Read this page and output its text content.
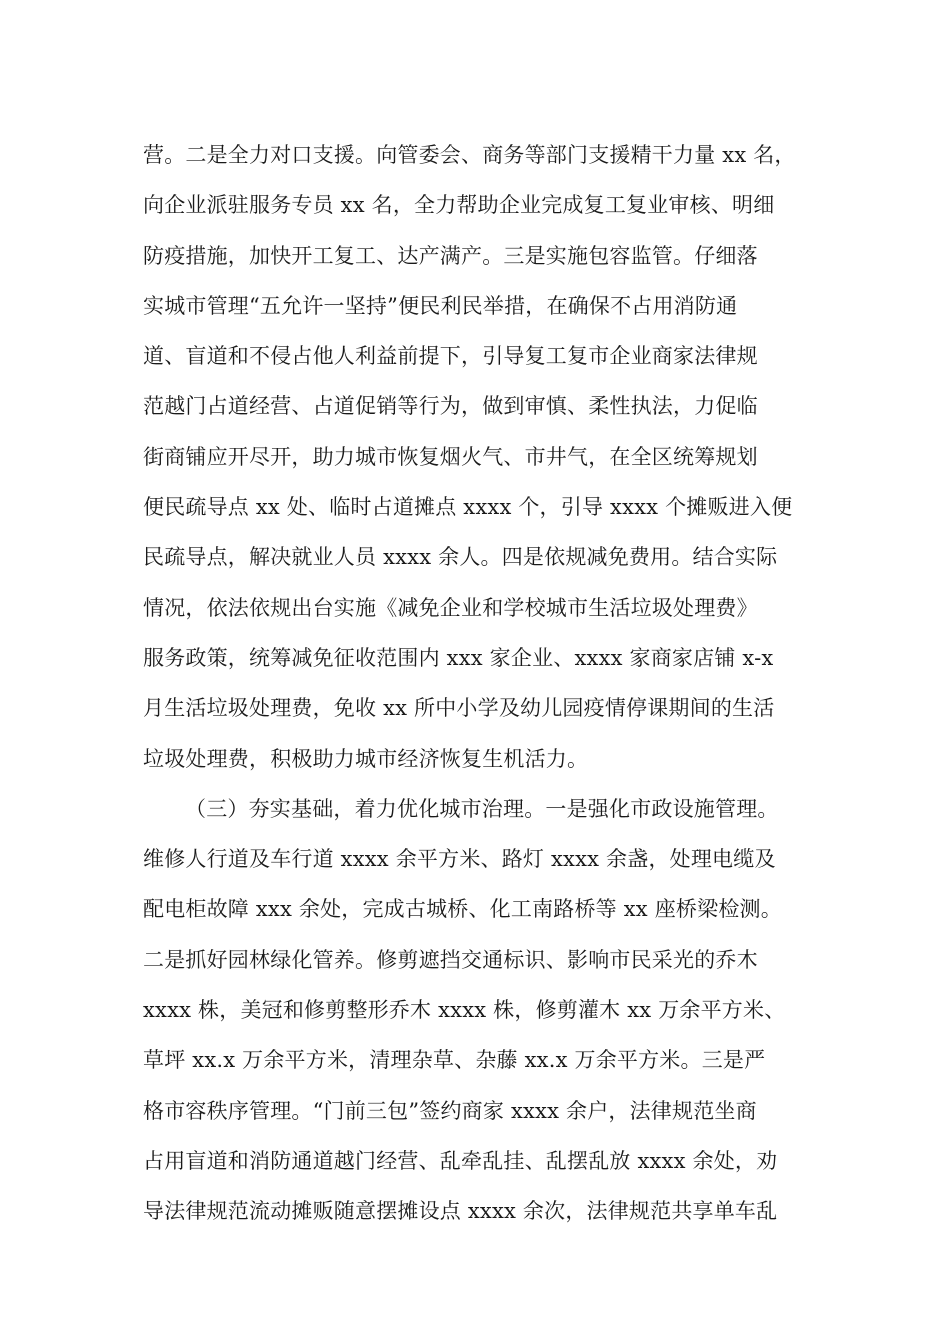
营。二是全力对口支援。向管委会、商务等部门支援精干力量 xx 名，
向企业派驻服务专员 xx 名，全力帮助企业完成复工复业审核、明细
防疫措施，加快开工复工、达产满产。三是实施包容监管。仔细落
实城市管理“五允许一坚持”便民利民举措，在确保不占用消防通
道、盲道和不侵占他人利益前提下，引导复工复市企业商家法律规
范越门占道经营、占道促销等行为，做到审慎、柔性执法，力促临
街商铺应开尽开，助力城市恢复烟火气、市井气，在全区统筹规划
便民疏导点 xx 处、临时占道摊点 xxxx 个，引导 xxxx 个摊贩进入便
民疏导点，解决就业人员 xxxx 余人。四是依规减免费用。结合实际
情况，依法依规出台实施《减免企业和学校城市生活垃圾处理费》
服务政策，统筹减免征收范围内 xxx 家企业、xxxx 家商家店铺 x-x
月生活垃圾处理费，免收 xx 所中小学及幼儿园疫情停课期间的生活
垃圾处理费，积极助力城市经济恢复生机活力。
（三）夯实基础，着力优化城市治理。一是强化市政设施管理。
维修人行道及车行道 xxxx 余平方米、路灯 xxxx 余盏，处理电缆及
配电柜故障 xxx 余处，完成古城桥、化工南路桥等 xx 座桥梁检测。
二是抓好园林绿化管养。修剪遮挡交通标识、影响市民采光的乔木
xxxx 株，美冠和修剪整形乔木 xxxx 株，修剪灌木 xx 万余平方米、
草坪 xx.x 万余平方米，清理杂草、杂藤 xx.x 万余平方米。三是严
格市容秩序管理。“门前三包”签约商家 xxxx 余户，法律规范坐商
占用盲道和消防通道越门经营、乱牵乱挂、乱摆乱放 xxxx 余处，劝
导法律规范流动摊贩随意摆摊设点 xxxx 余次，法律规范共享单车乱
